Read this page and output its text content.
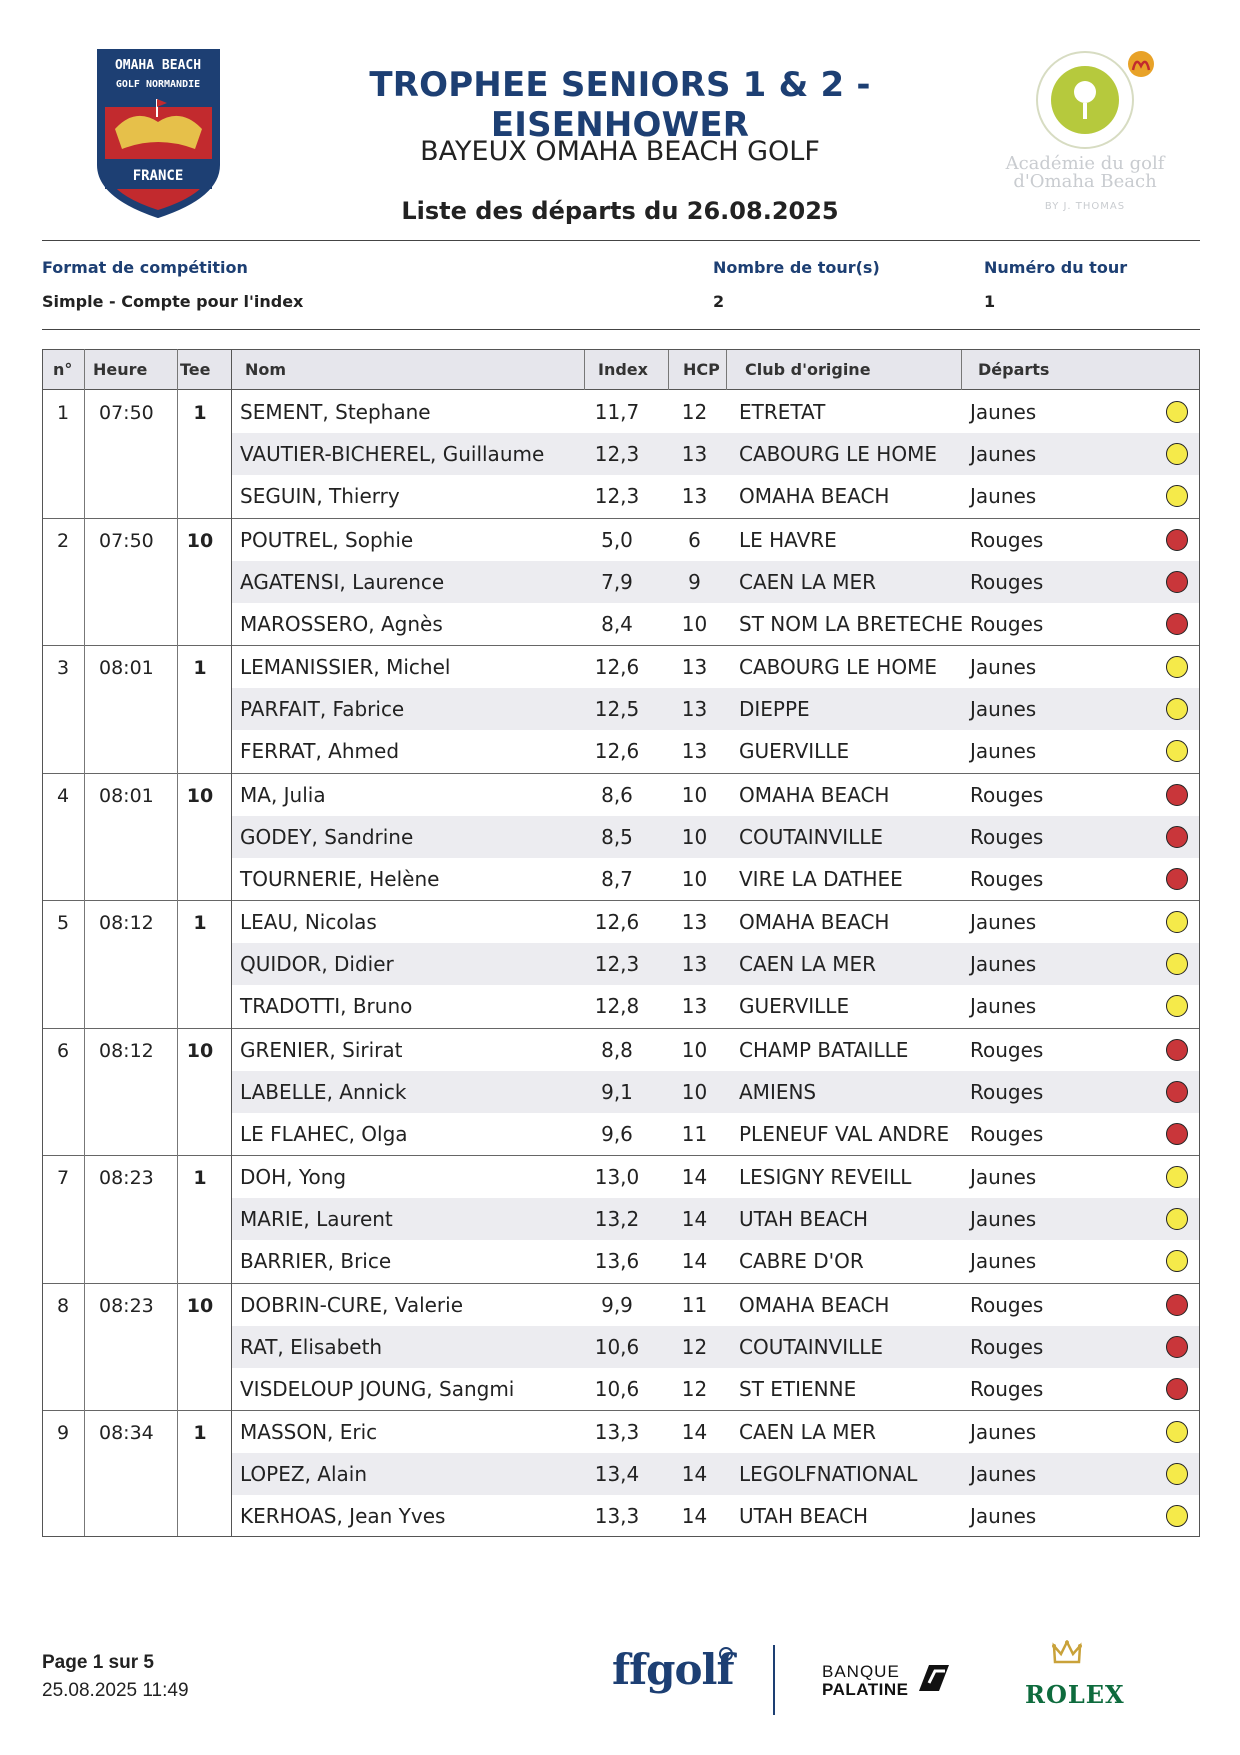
OMAHA BEACH
GOLF NORMANDIE
FRANCE
TROPHEE SENIORS 1 & 2 - EISENHOWER
BAYEUX OMAHA BEACH GOLF
Liste des départs du 26.08.2025
Académie du golf
d'Omaha Beach
BY J. THOMAS
Format de compétition
Simple - Compte pour l'index
Nombre de tour(s)
2
Numéro du tour
1
n° Heure Tee Nom	Index HCP Club d'origine	Départs
1 07:50	1	SEMENT, Stephane	11,7	12	ETRETAT	Jaunes
VAUTIER-BICHEREL, Guillaume	12,3	13	CABOURG LE HOME Jaunes
SEGUIN, Thierry	12,3	13	OMAHA BEACH	Jaunes
2 07:50	10	POUTREL, Sophie	5,0	6	LE HAVRE	Rouges
AGATENSI, Laurence	7,9	9	CAEN LA MER	Rouges
MAROSSERO, Agnès	8,4	10	ST NOM LA BRETECHE Rouges
3 08:01	1	LEMANISSIER, Michel	12,6	13	CABOURG LE HOME Jaunes
PARFAIT, Fabrice	12,5	13	DIEPPE	Jaunes
FERRAT, Ahmed	12,6	13	GUERVILLE	Jaunes
4 08:01	10	MA, Julia	8,6	10	OMAHA BEACH	Rouges
GODEY, Sandrine	8,5	10	COUTAINVILLE	Rouges
TOURNERIE, Helène	8,7	10	VIRE LA DATHEE	Rouges
5 08:12	1	LEAU, Nicolas	12,6	13	OMAHA BEACH	Jaunes
QUIDOR, Didier	12,3	13	CAEN LA MER	Jaunes
TRADOTTI, Bruno	12,8	13	GUERVILLE	Jaunes
6 08:12	10	GRENIER, Sirirat	8,8	10	CHAMP BATAILLE	Rouges
LABELLE, Annick	9,1	10	AMIENS	Rouges
LE FLAHEC, Olga	9,6	11	PLENEUF VAL ANDRE Rouges
7 08:23	1	DOH, Yong	13,0	14	LESIGNY REVEILL	Jaunes
MARIE, Laurent	13,2	14	UTAH BEACH	Jaunes
BARRIER, Brice	13,6	14	CABRE D'OR	Jaunes
8 08:23	10	DOBRIN-CURE, Valerie	9,9	11	OMAHA BEACH	Rouges
RAT, Elisabeth	10,6	12	COUTAINVILLE	Rouges
VISDELOUP JOUNG, Sangmi	10,6	12	ST ETIENNE	Rouges
9 08:34	1	MASSON, Eric	13,3	14	CAEN LA MER	Jaunes
LOPEZ, Alain	13,4	14	LEGOLFNATIONAL	Jaunes
KERHOAS, Jean Yves	13,3	14	UTAH BEACH	Jaunes
Page 1 sur 5
25.08.2025 11:49	ffgolf	BANQUE
PALATINE	ROLEX
